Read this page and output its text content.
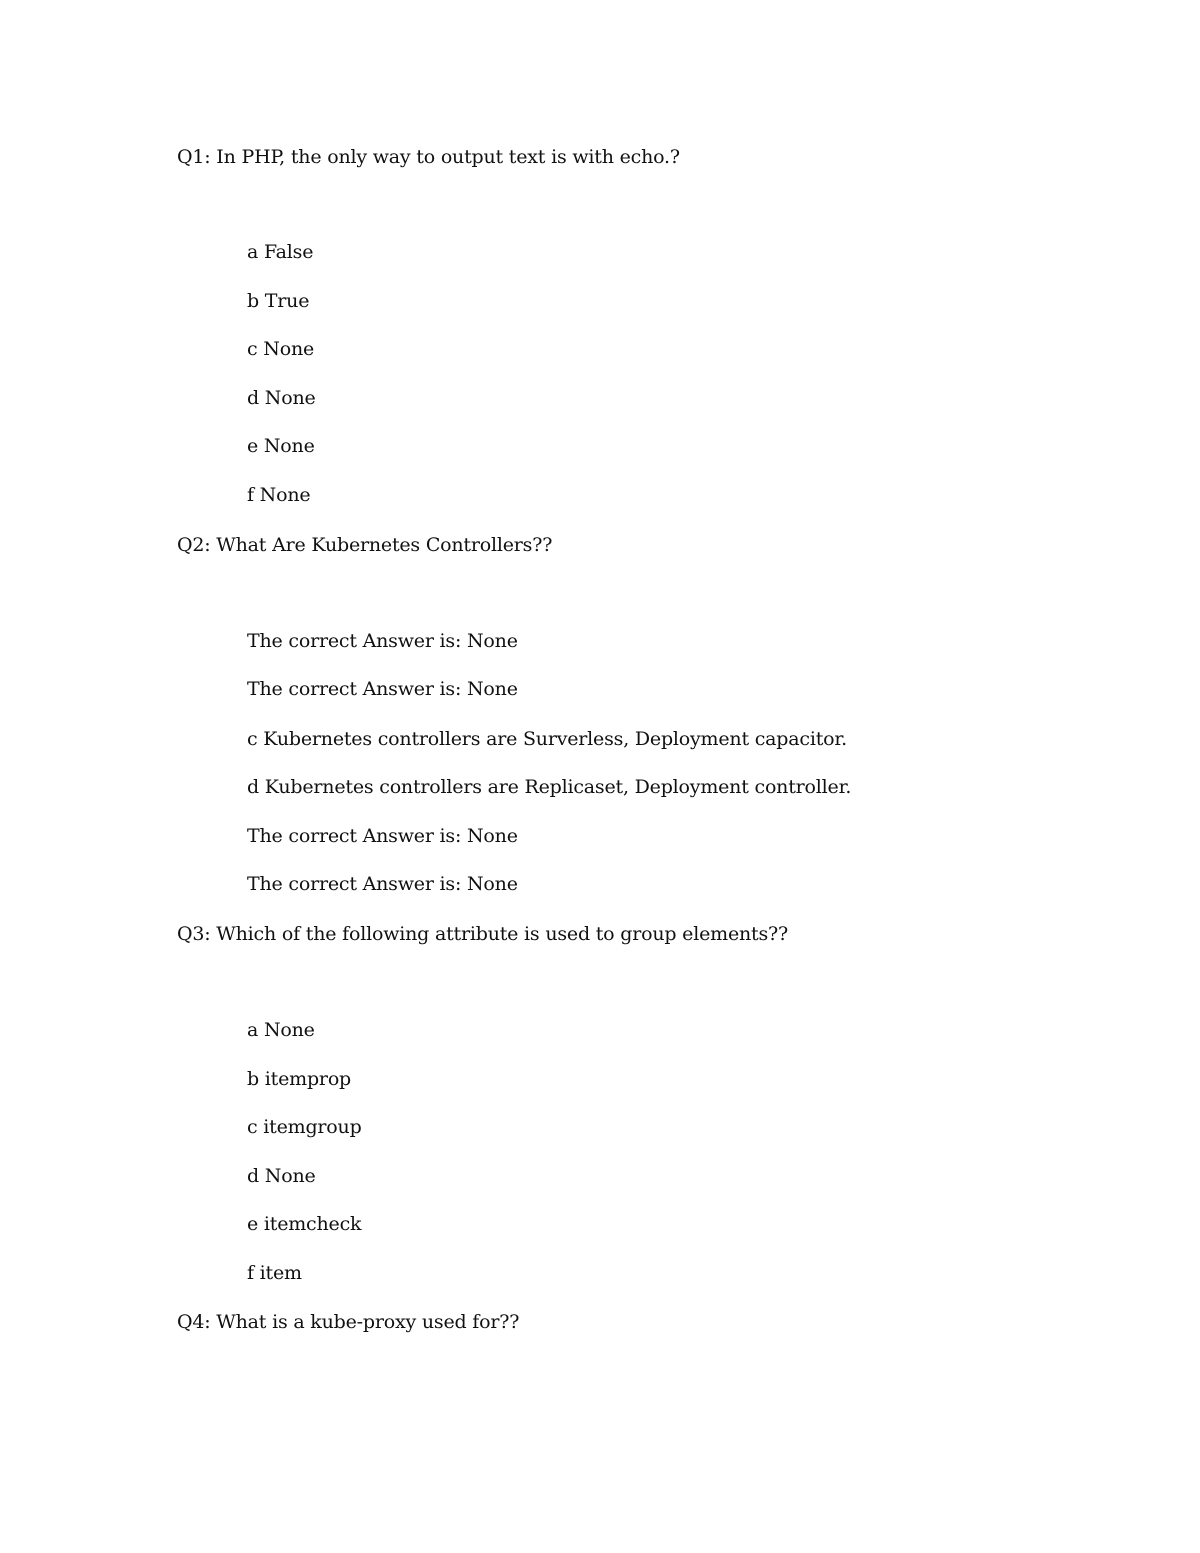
Q1: In PHP, the only way to output text is with echo.?
a False
b True
c None
d None
e None
f None
Q2: What Are Kubernetes Controllers??
The correct Answer is: None
The correct Answer is: None
c Kubernetes controllers are Surverless, Deployment capacitor.
d Kubernetes controllers are Replicaset, Deployment controller.
The correct Answer is: None
The correct Answer is: None
Q3: Which of the following attribute is used to group elements??
a None
b itemprop
c itemgroup
d None
e itemcheck
f item
Q4: What is a kube-proxy used for??
